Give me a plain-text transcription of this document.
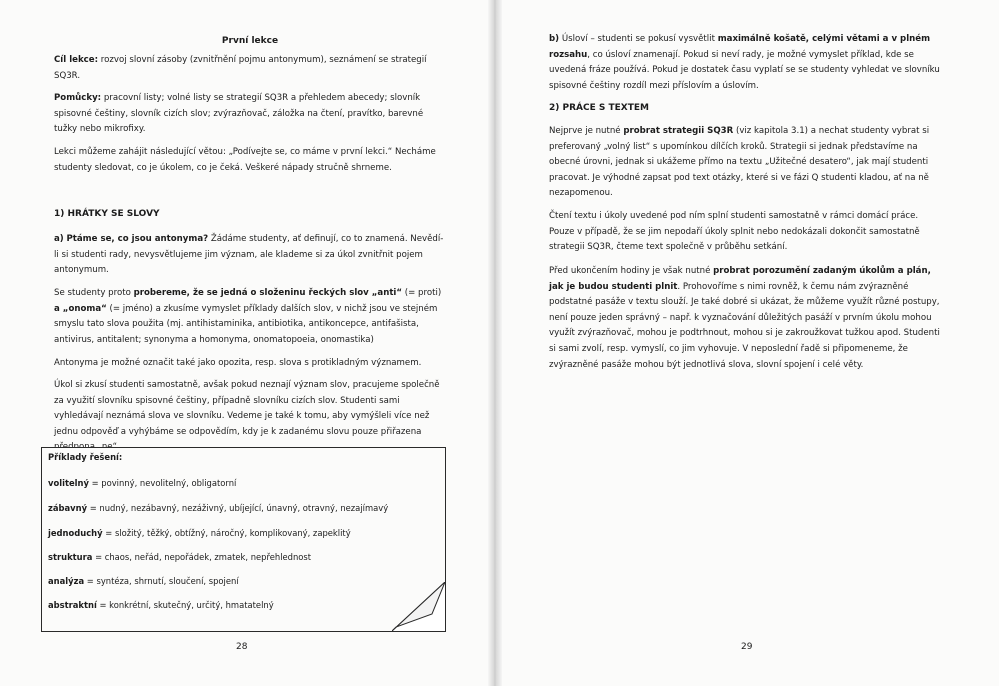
První lekce
Cíl lekce: rozvoj slovní zásoby (zvnitřnění pojmu antonymum), seznámení se strategií SQ3R.
Pomůcky: pracovní listy; volné listy se strategií SQ3R a přehledem abecedy; slovník spisovné češtiny, slovník cizích slov; zvýrazňovač, záložka na čtení, pravítko, barevné tužky nebo mikrofixy.
Lekci můžeme zahájit následující větou: „Podívejte se, co máme v první lekci.“ Necháme studenty sledovat, co je úkolem, co je čeká. Veškeré nápady stručně shrneme.
1) HRÁTKY SE SLOVY
a) Ptáme se, co jsou antonyma? Žádáme studenty, ať definují, co to znamená. Nevědí-li si studenti rady, nevysvětlujeme jim význam, ale klademe si za úkol zvnitřnit pojem antonymum.
Se studenty proto probereme, že se jedná o složeninu řeckých slov „anti“ (= proti) a „onoma“ (= jméno) a zkusíme vymyslet příklady dalších slov, v nichž jsou ve stejném smyslu tato slova použita (mj. antihistaminika, antibiotika, antikoncepce, antifašista, antivirus, antitalent; synonyma a homonyma, onomatopoeia, onomastika)
Antonyma je možné označit také jako opozita, resp. slova s protikladným významem.
Úkol si zkusí studenti samostatně, avšak pokud neznají význam slov, pracujeme společně za využití slovníku spisovné češtiny, případně slovníku cizích slov. Studenti sami vyhledávají neznámá slova ve slovníku. Vedeme je také k tomu, aby vymýšleli více než jednu odpověď a vyhýbáme se odpovědím, kdy je k zadanému slovu pouze přiřazena
Příklady řešení:
volitelný = povinný, nevolitelný, obligatorní
zábavný = nudný, nezábavný, nezáživný, ubíjející, únavný, otravný, nezajímavý
jednoduchý = složitý, těžký, obtížný, náročný, komplikovaný, zapeklitý
struktura = chaos, neřád, nepořádek, zmatek, nepřehlednost
analýza = syntéza, shrnutí, sloučení, spojení
abstraktní = konkrétní, skutečný, určitý, hmatatelný
28
b) Úsloví – studenti se pokusí vysvětlit maximálně košatě, celými větami a v plném rozsahu, co úsloví znamenají. Pokud si neví rady, je možné vymyslet příklad, kde se uvedená fráze používá. Pokud je dostatek času vyplatí se se studenty vyhledat ve slovníku spisovné češtiny rozdíl mezi příslovím a úslovím.
2) PRÁCE S TEXTEM
Nejprve je nutné probrat strategii SQ3R (viz kapitola 3.1) a nechat studenty vybrat si preferovaný „volný list“ s upomínkou dílčích kroků. Strategii si jednak představíme na obecné úrovni, jednak si ukážeme přímo na textu „Užitečné desatero“, jak mají studenti pracovat. Je výhodné zapsat pod text otázky, které si ve fázi Q studenti kladou, ať na ně nezapomenou.
Čtení textu i úkoly uvedené pod ním splní studenti samostatně v rámci domácí práce. Pouze v případě, že se jim nepodaří úkoly splnit nebo nedokázali dokončit samostatně strategii SQ3R, čteme text společně v průběhu setkání.
Před ukončením hodiny je však nutné probrat porozumění zadaným úkolům a plán, jak je budou studenti plnit. Prohovoříme s nimi rovněž, k čemu nám zvýrazněné podstatné pasáže v textu slouží. Je také dobré si ukázat, že můžeme využít různé postupy, není pouze jeden správný – např. k vyznačování důležitých pasáží v prvním úkolu mohou využít zvýrazňovač, mohou je podtrhnout, mohou si je zakroužkovat tužkou apod. Studenti si sami zvolí, resp. vymyslí, co jim vyhovuje. V neposlední řadě si připomeneme, že zvýrazněné pasáže mohou být jednotlivá slova, slovní spojení i celé věty.
29
